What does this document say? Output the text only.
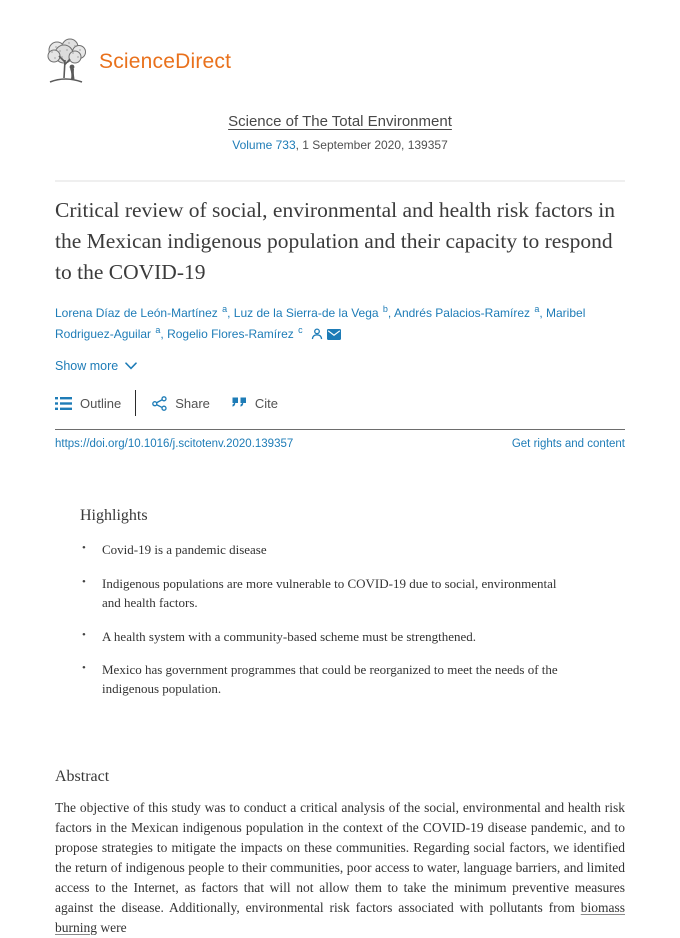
ScienceDirect
Science of The Total Environment
Volume 733, 1 September 2020, 139357
Critical review of social, environmental and health risk factors in the Mexican indigenous population and their capacity to respond to the COVID-19
Lorena Díaz de León-Martínez $^a$, Luz de la Sierra-de la Vega $^b$, Andrés Palacios-Ramírez $^a$, Maribel Rodriguez-Aguilar $^a$, Rogelio Flores-Ramírez $^c$
Show more
Outline	Share	Cite
https://doi.org/10.1016/j.scitotenv.2020.139357	Get rights and content
Highlights
• Covid-19 is a pandemic disease
• Indigenous populations are more vulnerable to COVID-19 due to social, environmental and health factors.
• A health system with a community-based scheme must be strengthened.
• Mexico has government programmes that could be reorganized to meet the needs of the indigenous population.
Abstract

The objective of this study was to conduct a critical analysis of the social, environmental and health risk factors in the Mexican indigenous population in the context of the COVID-19 disease pandemic, and to propose strategies to mitigate the impacts on these communities. Regarding social factors, we identified the return of indigenous people to their communities, poor access to water, language barriers, and limited access to the Internet, as factors that will not allow them to take the minimum preventive measures against the disease. Additionally, environmental risk factors associated with pollutants from biomass burning were
